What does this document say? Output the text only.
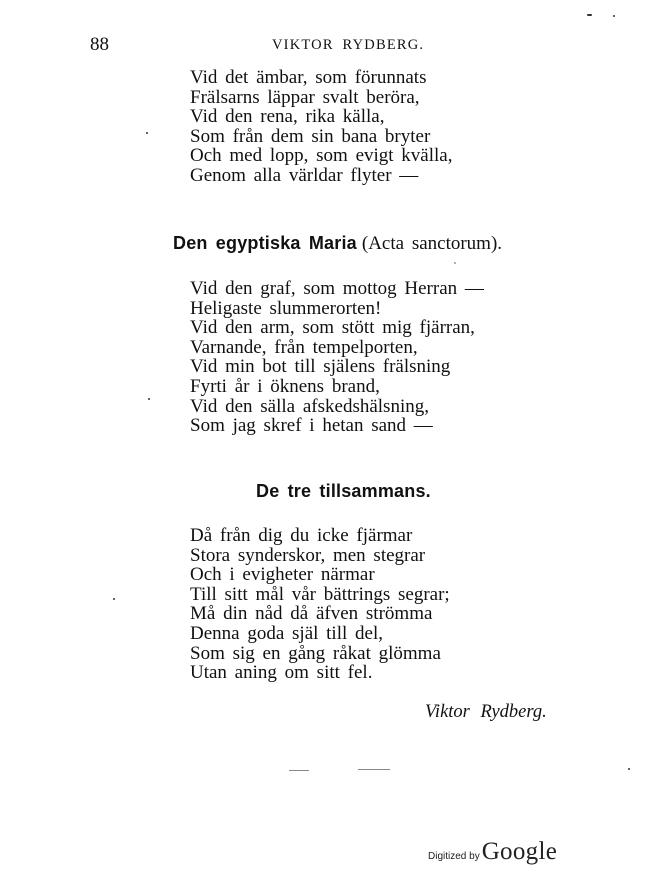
88	VIKTOR RYDBERG.
Vid det ämbar, som förunnats
Frälsarns läppar svalt beröra,
Vid den rena, rika källa,
Som från dem sin bana bryter
Och med lopp, som evigt kvälla,
Genom alla världar flyter —
Den egyptiska Maria (Acta sanctorum).
Vid den graf, som mottog Herran —
Heligaste slummerorten!
Vid den arm, som stött mig fjärran,
Varnande, från tempelporten,
Vid min bot till själens frälsning
Fyrti år i öknens brand,
Vid den sälla afskedshälsning,
Som jag skref i hetan sand —
De tre tillsammans.
Då från dig du icke fjärmar
Stora synderskor, men stegrar
Och i evigheter närmar
Till sitt mål vår bättrings segrar;
Må din nåd då äfven strömma
Denna goda själ till del,
Som sig en gång råkat glömma
Utan aning om sitt fel.
Viktor Rydberg.
Digitized byGoogle
